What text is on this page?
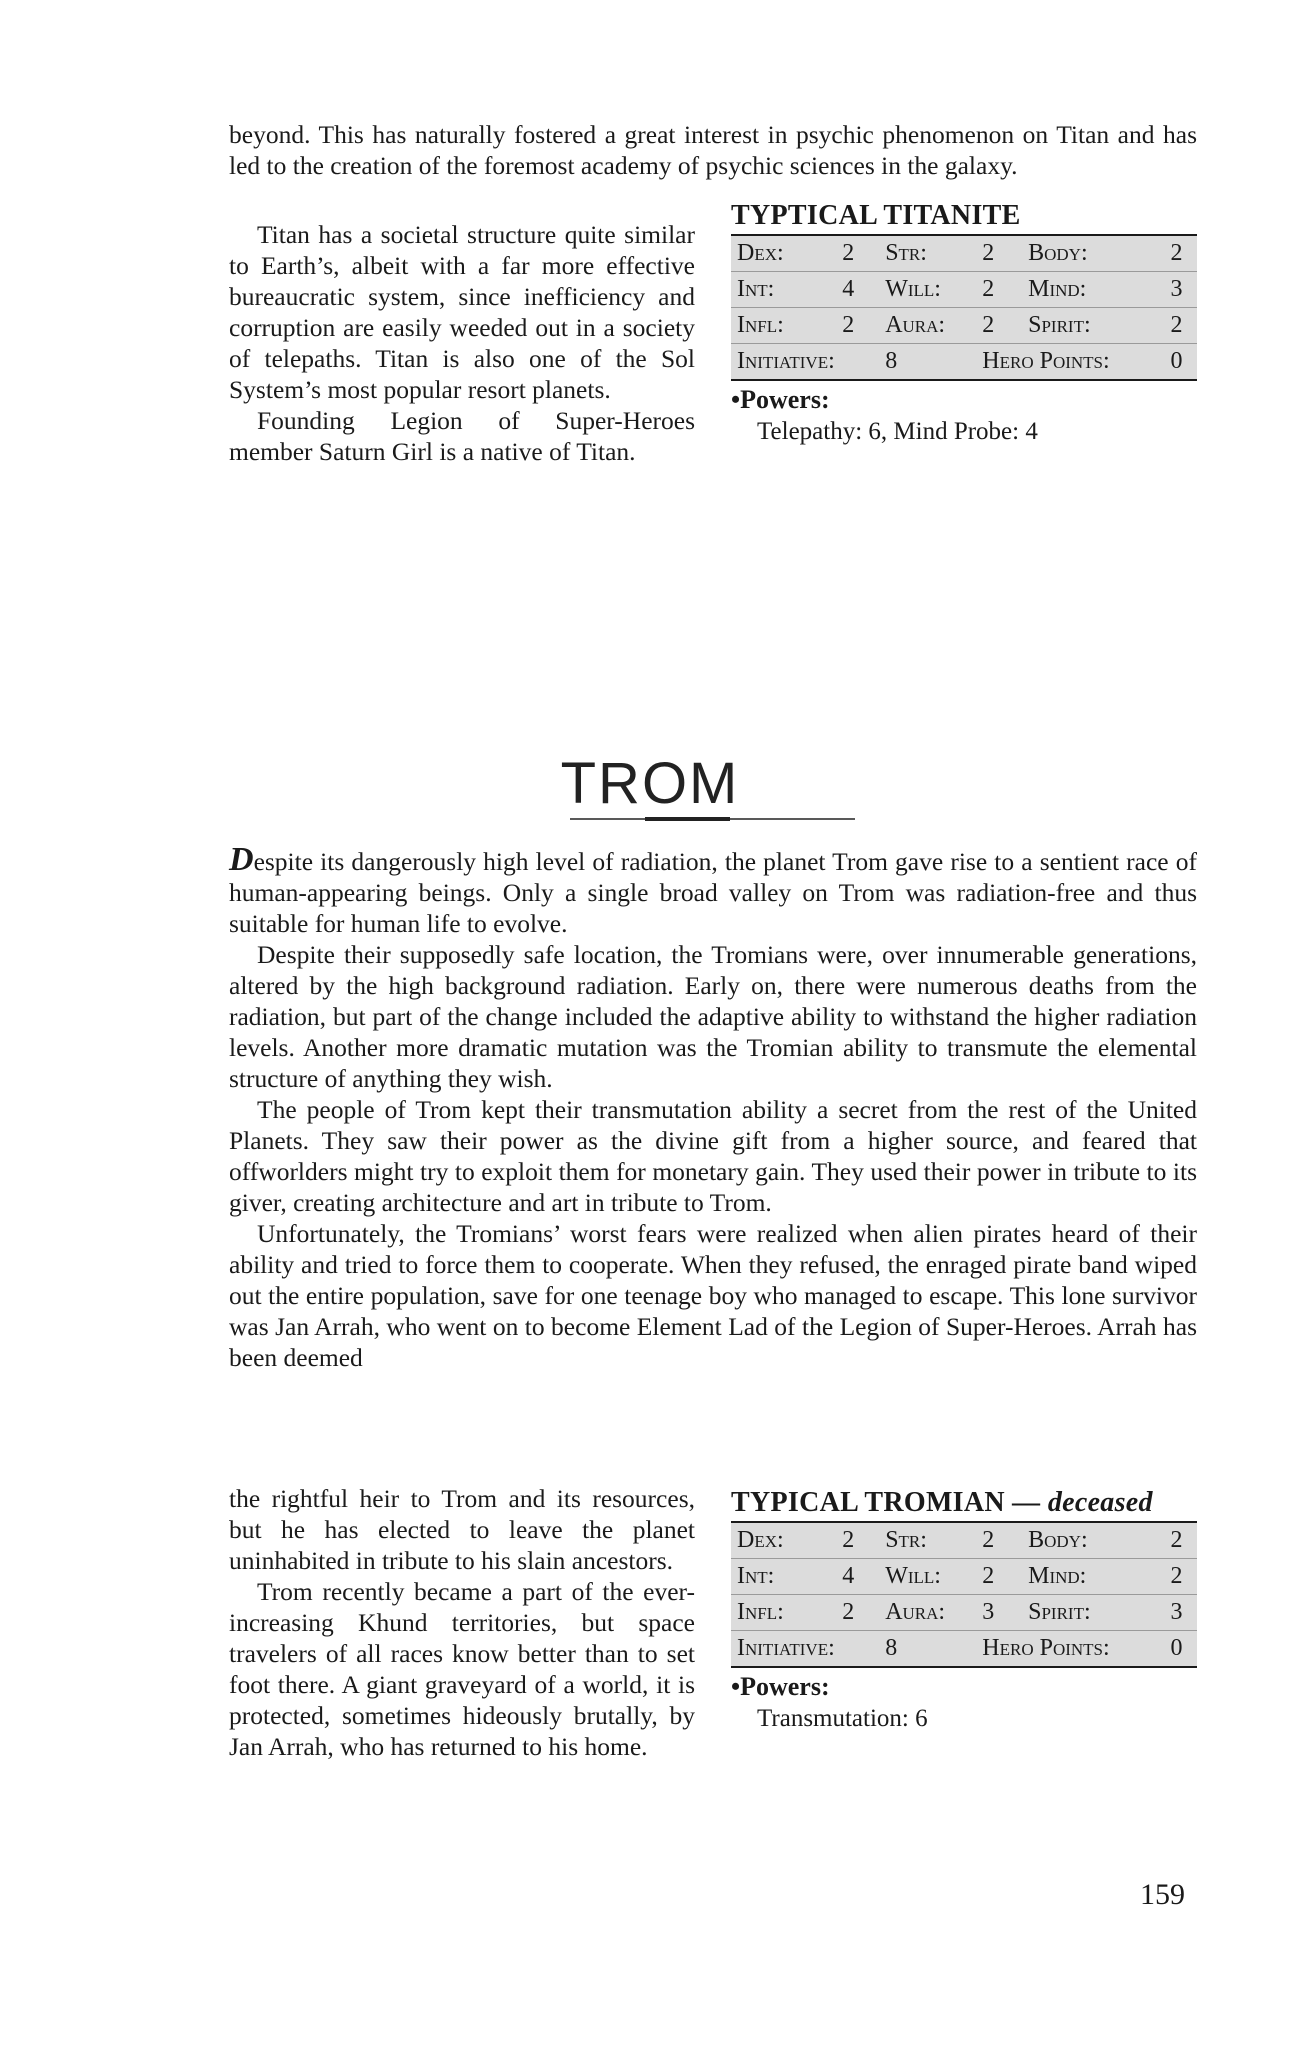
beyond. This has naturally fostered a great interest in psychic phenomenon on Titan and has led to the creation of the foremost academy of psychic sciences in the galaxy.

Titan has a societal structure quite similar to Earth’s, albeit with a far more effective bureaucratic system, since inefficiency and corruption are easily weeded out in a society of telepaths. Titan is also one of the Sol System’s most popular resort planets.

Founding Legion of Super-Heroes member Saturn Girl is a native of Titan.

TYPTICAL TITANITE
Dex:	2	Str:	2	Body:	2
Int:	4	Will:	2	Mind:	3
Infl:	2	Aura:	2	Spirit:	2
Initiative:		8	Hero Points:		0
•Powers:
Telepathy: 6, Mind Probe: 4
TROM

Despite its dangerously high level of radiation, the planet Trom gave rise to a sentient race of human-appearing beings. Only a single broad valley on Trom was radiation-free and thus suitable for human life to evolve.

Despite their supposedly safe location, the Tromians were, over innumerable generations, altered by the high background radiation. Early on, there were numerous deaths from the radiation, but part of the change included the adaptive ability to withstand the higher radiation levels. Another more dramatic mutation was the Tromian ability to transmute the elemental structure of anything they wish.

The people of Trom kept their transmutation ability a secret from the rest of the United Planets. They saw their power as the divine gift from a higher source, and feared that offworlders might try to exploit them for monetary gain. They used their power in tribute to its giver, creating architecture and art in tribute to Trom.

Unfortunately, the Tromians’ worst fears were realized when alien pirates heard of their ability and tried to force them to cooperate. When they refused, the enraged pirate band wiped out the entire population, save for one teenage boy who managed to escape. This lone survivor was Jan Arrah, who went on to become Element Lad of the Legion of Super-Heroes. Arrah has been deemed

the rightful heir to Trom and its resources, but he has elected to leave the planet uninhabited in tribute to his slain ancestors.

Trom recently became a part of the ever-increasing Khund territories, but space travelers of all races know better than to set foot there. A giant graveyard of a world, it is protected, sometimes hideously brutally, by Jan Arrah, who has returned to his home.

TYPICAL TROMIAN — deceased
Dex:	2	Str:	2	Body:	2
Int:	4	Will:	2	Mind:	2
Infl:	2	Aura:	3	Spirit:	3
Initiative:		8	Hero Points:		0
•Powers:
Transmutation: 6
159
